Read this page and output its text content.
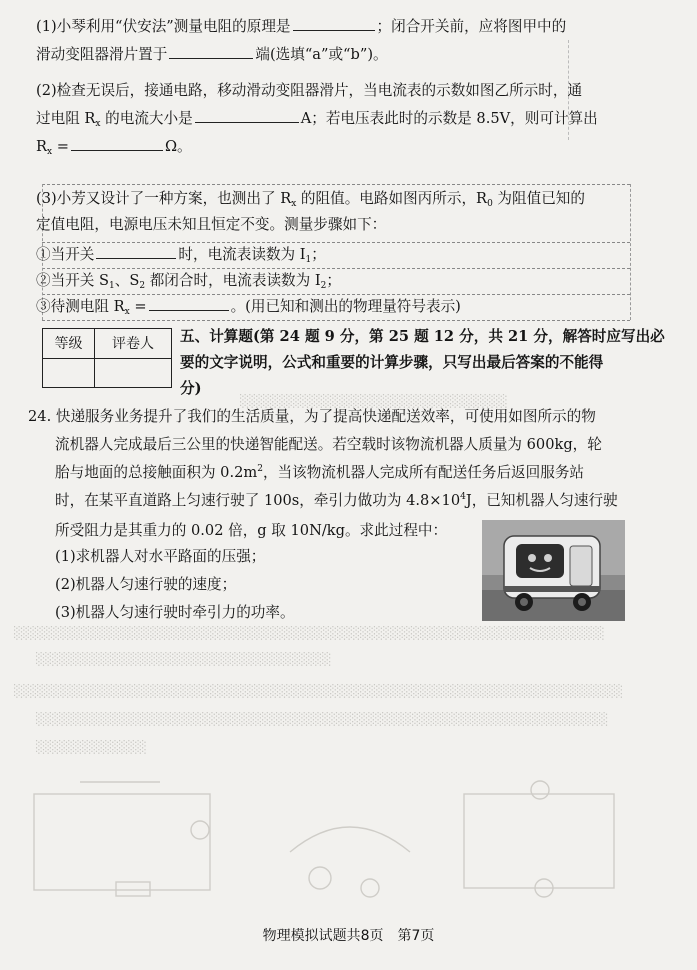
(1)小琴利用“伏安法”测量电阻的原理是	；闭合开关前，应将图甲中的
滑动变阻器滑片置于	端(选填“a”或“b”)。
(2)检查无误后，接通电路，移动滑动变阻器滑片，当电流表的示数如图乙所示时，通
过电阻 $R_x$ 的电流大小是	A；若电压表此时的示数是 8.5V，则可计算出
$R_x$ =	Ω。
(3)小芳又设计了一种方案，也测出了 $R_x$ 的阻值。电路如图丙所示，$R_0$ 为阻值已知的
定值电阻，电源电压未知且恒定不变。测量步骤如下：
①当开关	时，电流表读数为 $I_1$；
②当开关 $S_1$、$S_2$ 都闭合时，电流表读数为 $I_2$；
③待测电阻 $R_x$ =	。(用已知和测出的物理量符号表示)
等级	评卷人
	五、计算题(第 24 题 9 分，第 25 题 12 分，共 21 分，解答时应写出必
要的文字说明，公式和重要的计算步骤，只写出最后答案的不能得
分)
24. 快递服务业务提升了我们的生活质量，为了提高快递配送效率，可使用如图所示的物
流机器人完成最后三公里的快递智能配送。若空载时该物流机器人质量为 600kg，轮
胎与地面的总接触面积为 $0.2m^2$，当该物流机器人完成所有配送任务后返回服务站
时，在某平直道路上匀速行驶了 100s，牵引力做功为 $4.8\times 10^4J$，已知机器人匀速行驶
所受阻力是其重力的 0.02 倍，g 取 10N/kg。求此过程中：
(1)求机器人对水平路面的压强；
(2)机器人匀速行驶的速度；
(3)机器人匀速行驶时牵引力的功率。
░░░░░░░░░░░░░░░░░░░░░░░░░░░░░
░░░░░░░░░░░░░░░░░░░░░░░░░░░░░░░░░░░░░░░░░░░░░░░░░░░░░░░░░░░░░░░░
░░░░░░░░░░░░░░░░░░░░░░░░░░░░░░░░
░░░░░░░░░░░░░░░░░░░░░░░░░░░░░░░░░░░░░░░░░░░░░░░░░░░░░░░░░░░░░░░░░░
░░░░░░░░░░░░░░░░░░░░░░░░░░░░░░░░░░░░░░░░░░░░░░░░░░░░░░░░░░░░░░
░░░░░░░░░░░░
物理模拟试题共8页　第7页
